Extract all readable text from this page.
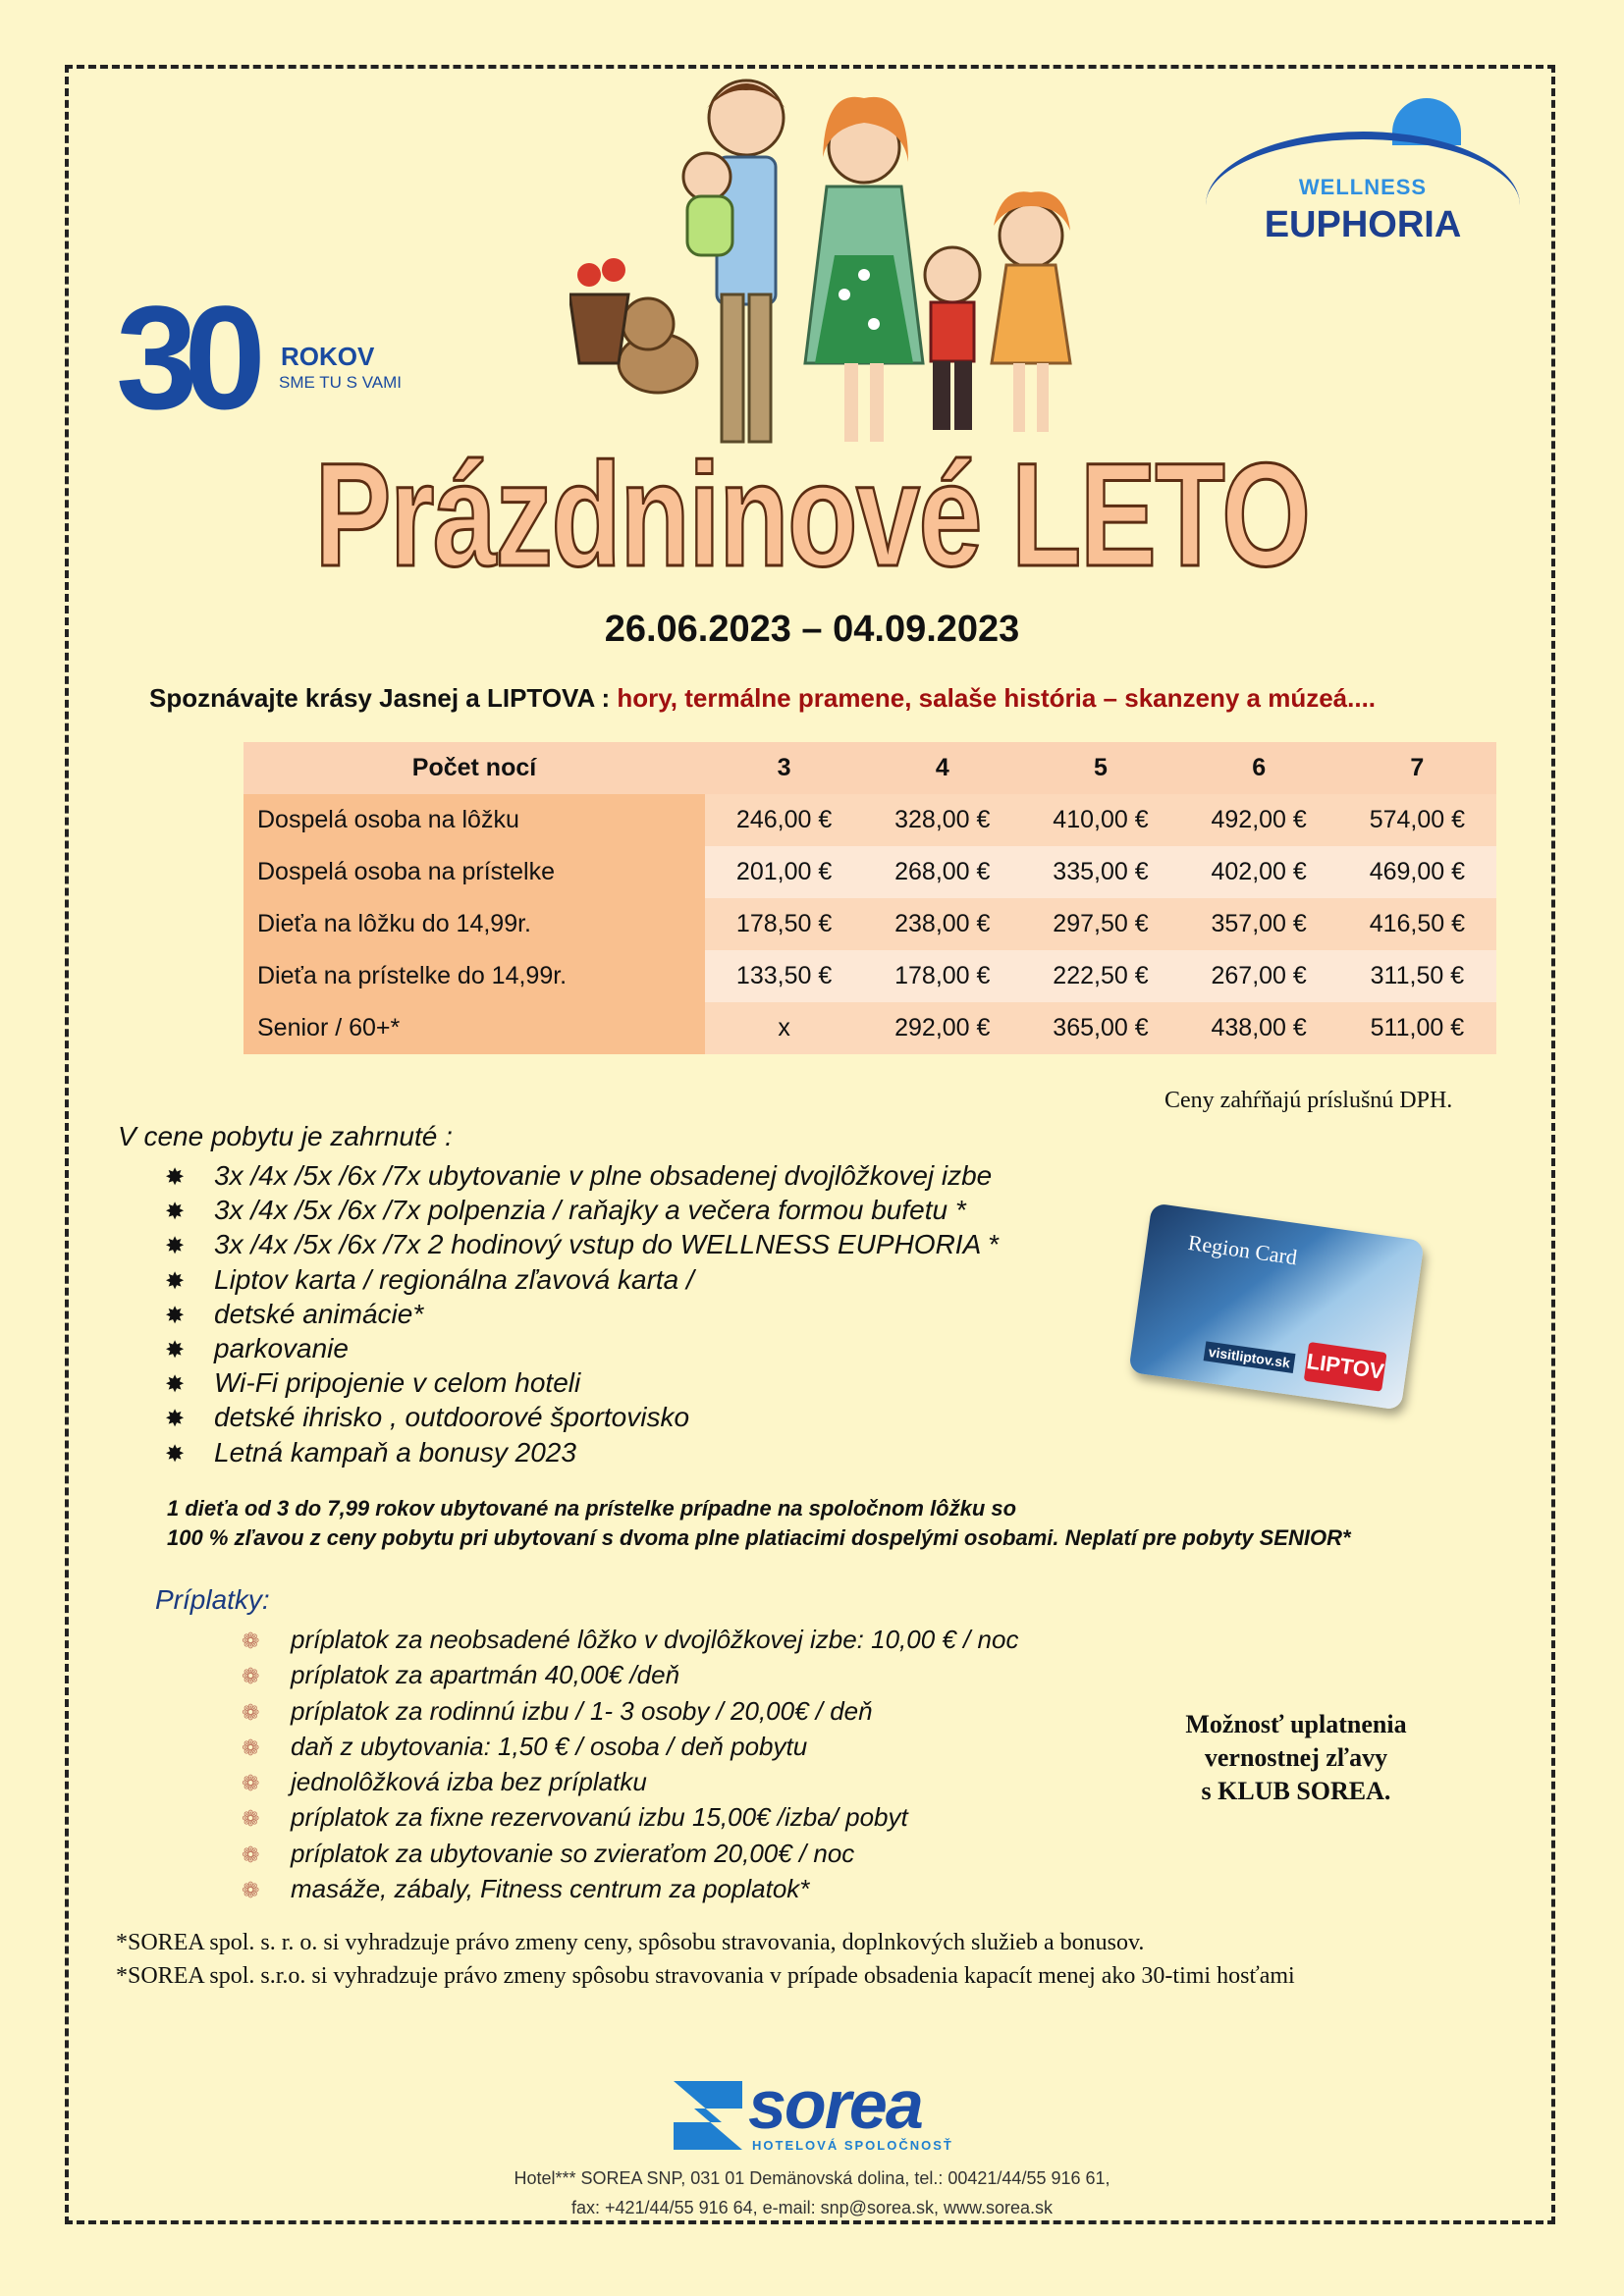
30 ROKOV
SME TU S VAMI
WELLNESS
EUPHORIA
Prázdninové LETO
26.06.2023 – 04.09.2023
Spoznávajte krásy Jasnej a LIPTOVA : hory, termálne pramene, salaše história – skanzeny a múzeá....
Počet nocí	3	4	5	6	7
Dospelá osoba na lôžku	246,00 €	328,00 €	410,00 €	492,00 €	574,00 €
Dospelá osoba na prístelke	201,00 €	268,00 €	335,00 €	402,00 €	469,00 €
Dieťa na lôžku do 14,99r.	178,50 €	238,00 €	297,50 €	357,00 €	416,50 €
Dieťa na prístelke do 14,99r.	133,50 €	178,00 €	222,50 €	267,00 €	311,50 €
Senior / 60+*	x	292,00 €	365,00 €	438,00 €	511,00 €
Ceny zahŕňajú príslušnú DPH.
V cene pobytu je zahrnuté :
✸ 3x /4x /5x /6x /7x ubytovanie v plne obsadenej dvojlôžkovej izbe
✸ 3x /4x /5x /6x /7x polpenzia / raňajky a večera formou bufetu *
✸ 3x /4x /5x /6x /7x 2 hodinový vstup do WELLNESS EUPHORIA *
✸ Liptov karta / regionálna zľavová karta /
✸ detské animácie*
✸ parkovanie
✸ Wi-Fi pripojenie v celom hoteli
✸ detské ihrisko , outdoorové športovisko
✸ Letná kampaň a bonusy 2023
Region Card
visitliptov.sk LIPTOV
1 dieťa od 3 do 7,99 rokov ubytované na prístelke prípadne na spoločnom lôžku so
100 % zľavou z ceny pobytu pri ubytovaní s dvoma plne platiacimi dospelými osobami. Neplatí pre pobyty SENIOR*
Príplatky:
❁ príplatok za neobsadené lôžko v dvojlôžkovej izbe: 10,00 € / noc
❁ príplatok za apartmán 40,00€ /deň
❁ príplatok za rodinnú izbu / 1- 3 osoby / 20,00€ / deň
❁ daň z ubytovania: 1,50 € / osoba / deň pobytu
❁ jednolôžková izba bez príplatku
❁ príplatok za fixne rezervovanú izbu 15,00€ /izba/ pobyt
❁ príplatok za ubytovanie so zvieraťom 20,00€ / noc
❁ masáže, zábaly, Fitness centrum za poplatok*
Možnosť uplatnenia
vernostnej zľavy
s KLUB SOREA.
*SOREA spol. s. r. o. si vyhradzuje právo zmeny ceny, spôsobu stravovania, doplnkových služieb a bonusov.
*SOREA spol. s.r.o. si vyhradzuje právo zmeny spôsobu stravovania v prípade obsadenia kapacít menej ako 30-timi hosťami
sorea
HOTELOVÁ SPOLOČNOSŤ
Hotel*** SOREA SNP, 031 01 Demänovská dolina, tel.: 00421/44/55 916 61,
fax: +421/44/55 916 64, e-mail: snp@sorea.sk, www.sorea.sk
